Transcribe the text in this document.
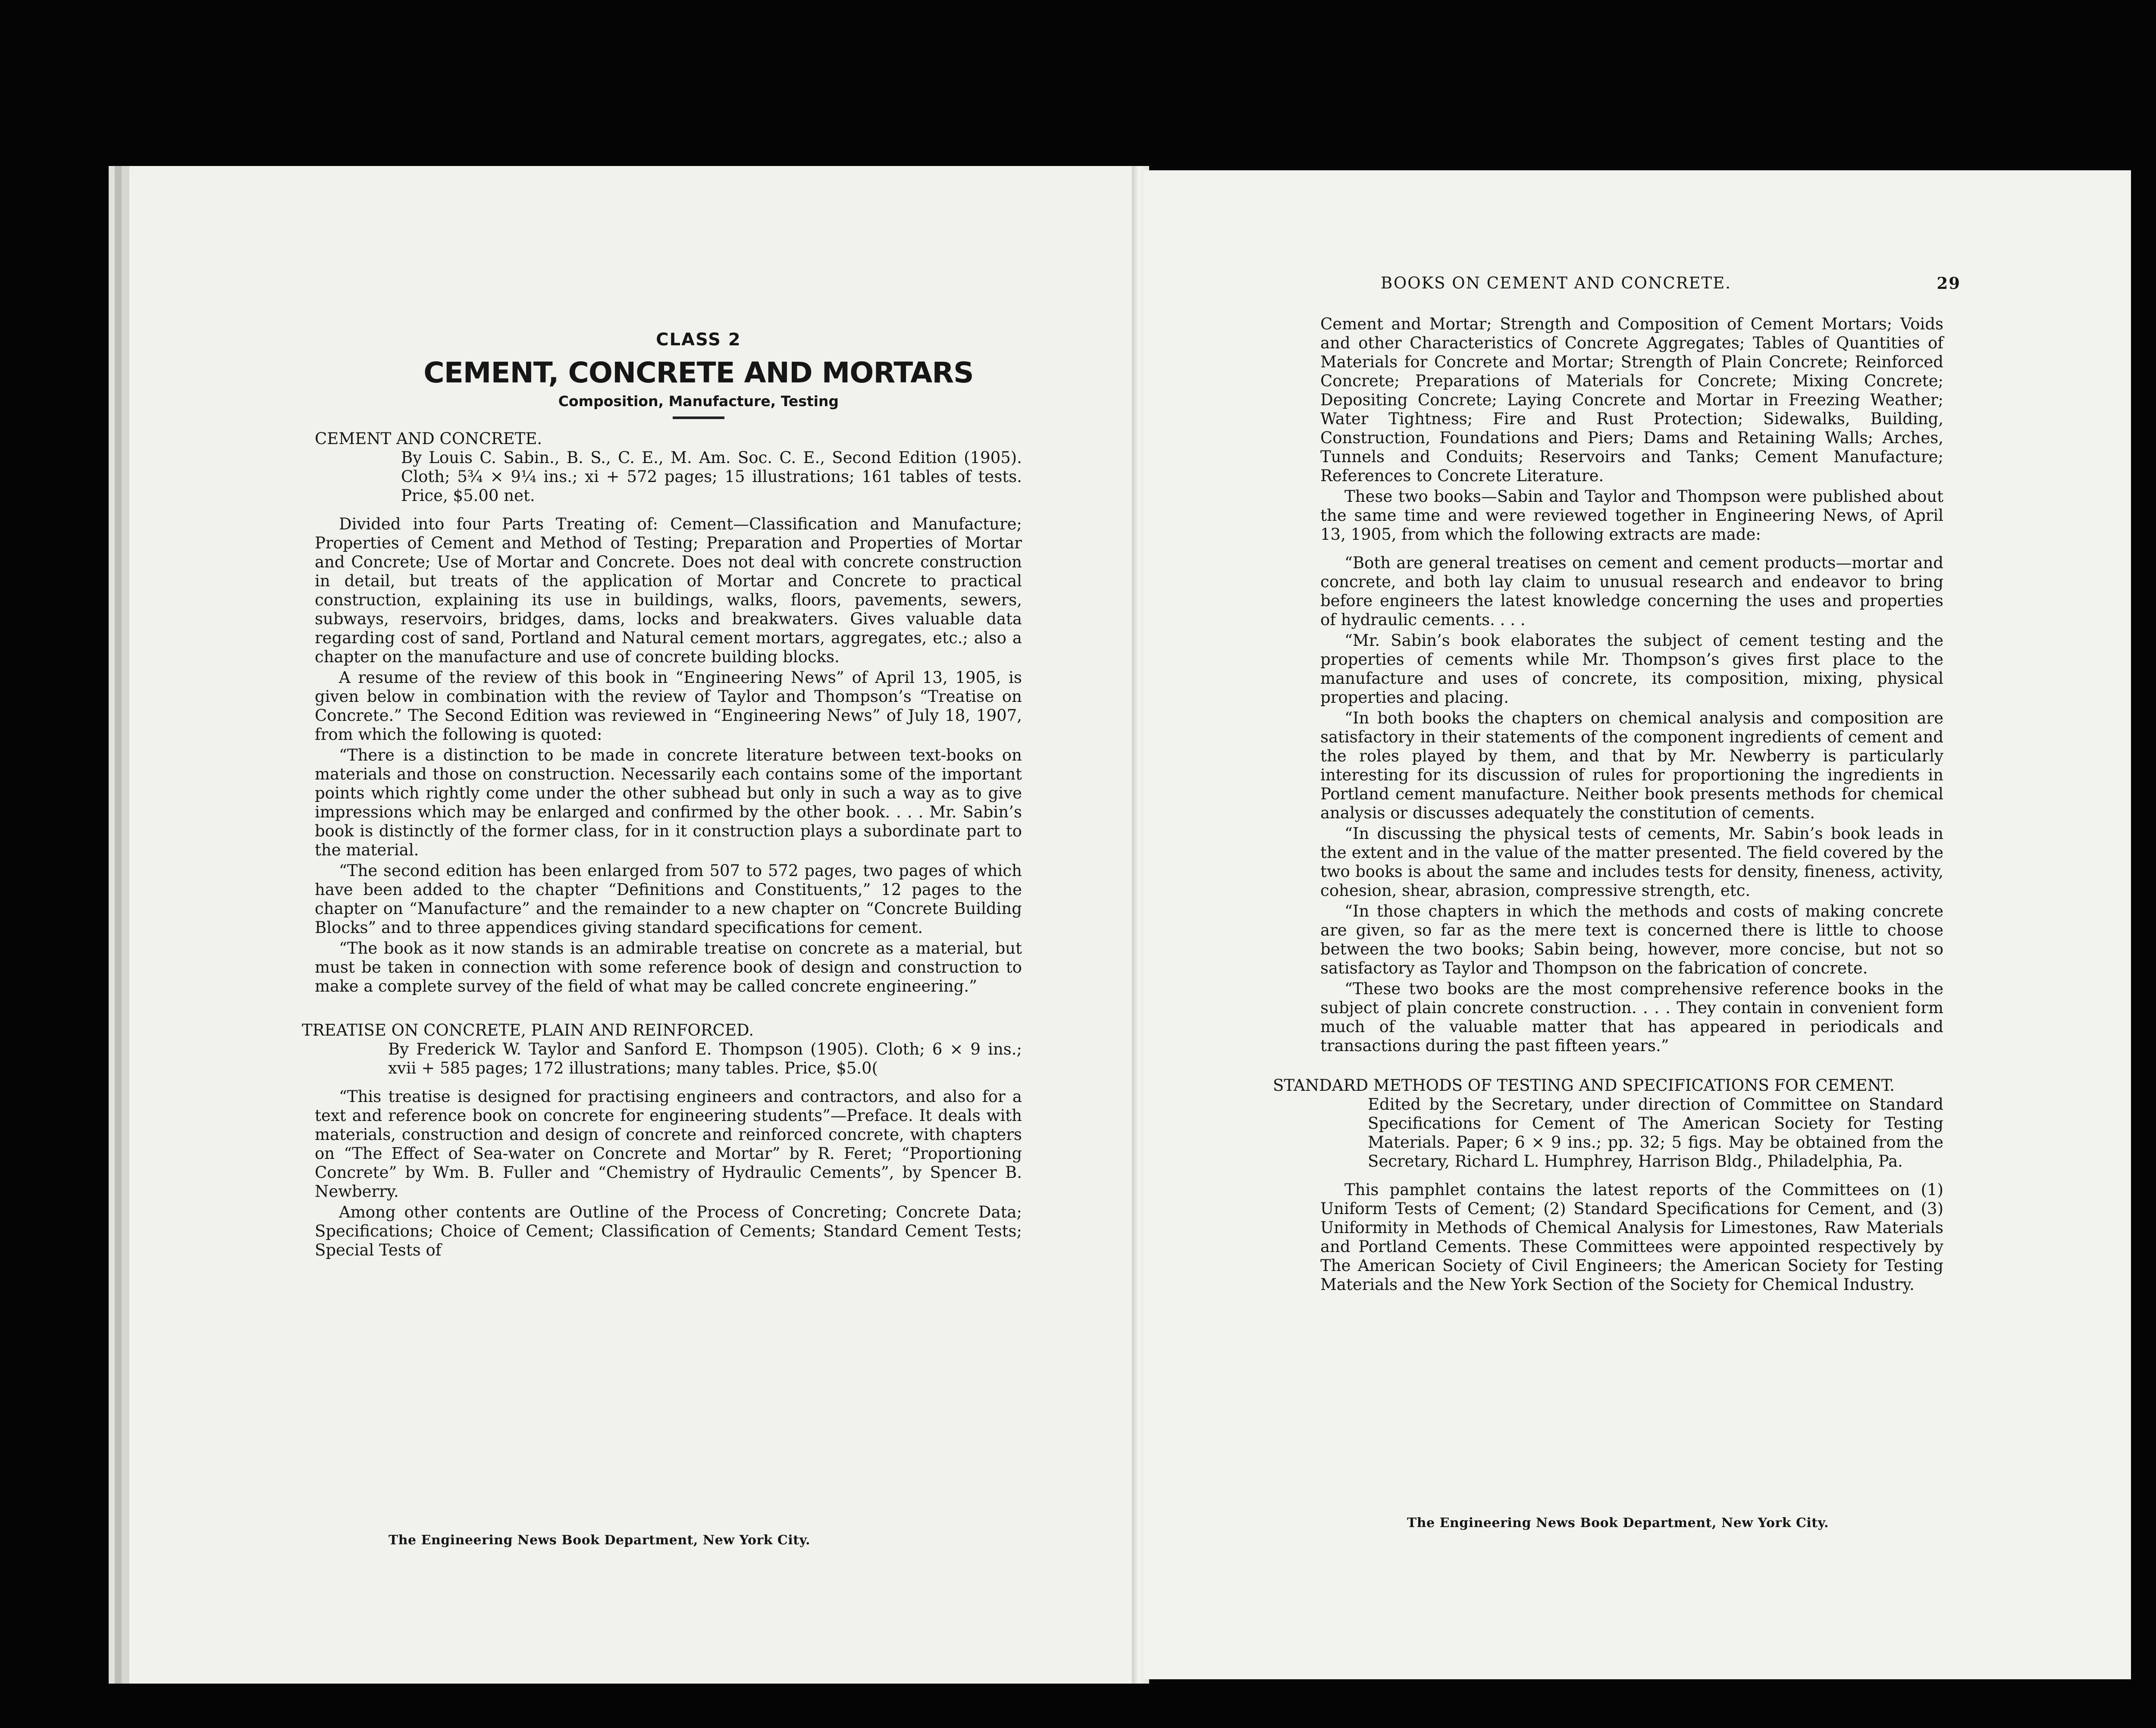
CLASS 2
CEMENT, CONCRETE AND MORTARS
Composition, Manufacture, Testing

CEMENT AND CONCRETE.
By Louis C. Sabin., B. S., C. E., M. Am. Soc. C. E., Second Edition (1905). Cloth; 5¾ × 9¼ ins.; xi + 572 pages; 15 illustrations; 161 tables of tests. Price, $5.00 net.

Divided into four Parts Treating of: Cement—Classification and Manufacture; Properties of Cement and Method of Testing; Preparation and Properties of Mortar and Concrete; Use of Mortar and Concrete. Does not deal with concrete construction in detail, but treats of the application of Mortar and Concrete to practical construction, explaining its use in buildings, walks, floors, pavements, sewers, subways, reservoirs, bridges, dams, locks and breakwaters. Gives valuable data regarding cost of sand, Portland and Natural cement mortars, aggregates, etc.; also a chapter on the manufacture and use of concrete building blocks.

A resume of the review of this book in “Engineering News” of April 13, 1905, is given below in combination with the review of Taylor and Thompson’s “Treatise on Concrete.” The Second Edition was reviewed in “Engineering News” of July 18, 1907, from which the following is quoted:

“There is a distinction to be made in concrete literature between text-books on materials and those on construction. Necessarily each contains some of the important points which rightly come under the other subhead but only in such a way as to give impressions which may be enlarged and confirmed by the other book. . . . Mr. Sabin’s book is distinctly of the former class, for in it construction plays a subordinate part to the material.

“The second edition has been enlarged from 507 to 572 pages, two pages of which have been added to the chapter “Definitions and Constituents,” 12 pages to the chapter on “Manufacture” and the remainder to a new chapter on “Concrete Building Blocks” and to three appendices giving standard specifications for cement.

“The book as it now stands is an admirable treatise on concrete as a material, but must be taken in connection with some reference book of design and construction to make a complete survey of the field of what may be called concrete engineering.”

TREATISE ON CONCRETE, PLAIN AND REINFORCED.
By Frederick W. Taylor and Sanford E. Thompson (1905). Cloth; 6 × 9 ins.; xvii + 585 pages; 172 illustrations; many tables. Price, $5.0(

“This treatise is designed for practising engineers and contractors, and also for a text and reference book on concrete for engineering students”—Preface. It deals with materials, construction and design of concrete and reinforced concrete, with chapters on “The Effect of Sea-water on Concrete and Mortar” by R. Feret; “Proportioning Concrete” by Wm. B. Fuller and “Chemistry of Hydraulic Cements”, by Spencer B. Newberry.

Among other contents are Outline of the Process of Concreting; Concrete Data; Specifications; Choice of Cement; Classification of Cements; Standard Cement Tests; Special Tests of

The Engineering News Book Department, New York City.
BOOKS ON CEMENT AND CONCRETE.	29

Cement and Mortar; Strength and Composition of Cement Mortars; Voids and other Characteristics of Concrete Aggregates; Tables of Quantities of Materials for Concrete and Mortar; Strength of Plain Concrete; Reinforced Concrete; Preparations of Materials for Concrete; Mixing Concrete; Depositing Concrete; Laying Concrete and Mortar in Freezing Weather; Water Tightness; Fire and Rust Protection; Sidewalks, Building, Construction, Foundations and Piers; Dams and Retaining Walls; Arches, Tunnels and Conduits; Reservoirs and Tanks; Cement Manufacture; References to Concrete Literature.

These two books—Sabin and Taylor and Thompson were published about the same time and were reviewed together in Engineering News, of April 13, 1905, from which the following extracts are made:

“Both are general treatises on cement and cement products—mortar and concrete, and both lay claim to unusual research and endeavor to bring before engineers the latest knowledge concerning the uses and properties of hydraulic cements. . . .

“Mr. Sabin’s book elaborates the subject of cement testing and the properties of cements while Mr. Thompson’s gives first place to the manufacture and uses of concrete, its composition, mixing, physical properties and placing.

“In both books the chapters on chemical analysis and composition are satisfactory in their statements of the component ingredients of cement and the roles played by them, and that by Mr. Newberry is particularly interesting for its discussion of rules for proportioning the ingredients in Portland cement manufacture. Neither book presents methods for chemical analysis or discusses adequately the constitution of cements.

“In discussing the physical tests of cements, Mr. Sabin’s book leads in the extent and in the value of the matter presented. The field covered by the two books is about the same and includes tests for density, fineness, activity, cohesion, shear, abrasion, compressive strength, etc.

“In those chapters in which the methods and costs of making concrete are given, so far as the mere text is concerned there is little to choose between the two books; Sabin being, however, more concise, but not so satisfactory as Taylor and Thompson on the fabrication of concrete.

“These two books are the most comprehensive reference books in the subject of plain concrete construction. . . . They contain in convenient form much of the valuable matter that has appeared in periodicals and transactions during the past fifteen years.”

STANDARD METHODS OF TESTING AND SPECIFICATIONS FOR CEMENT.
Edited by the Secretary, under direction of Committee on Standard Specifications for Cement of The American Society for Testing Materials. Paper; 6 × 9 ins.; pp. 32; 5 figs. May be obtained from the Secretary, Richard L. Humphrey, Harrison Bldg., Philadelphia, Pa.

This pamphlet contains the latest reports of the Committees on (1) Uniform Tests of Cement; (2) Standard Specifications for Cement, and (3) Uniformity in Methods of Chemical Analysis for Limestones, Raw Materials and Portland Cements. These Committees were appointed respectively by The American Society of Civil Engineers; the American Society for Testing Materials and the New York Section of the Society for Chemical Industry.

The Engineering News Book Department, New York City.
